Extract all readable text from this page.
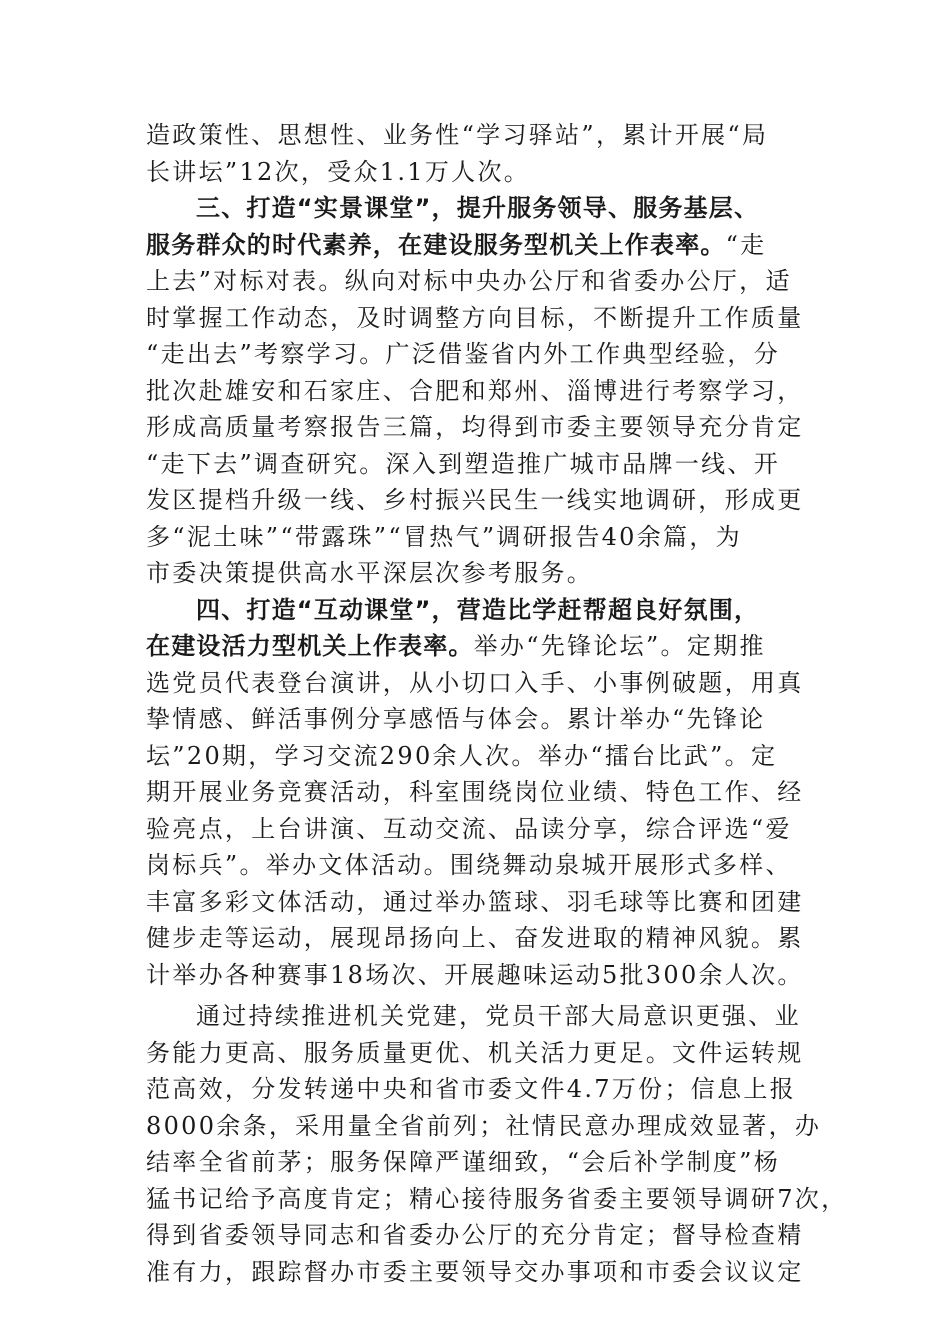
造政策性、思想性、业务性“学习驿站”，累计开展“局
长讲坛”12次，受众1.1万人次。
三、打造“实景课堂”，提升服务领导、服务基层、
服务群众的时代素养，在建设服务型机关上作表率。“走
上去”对标对表。纵向对标中央办公厅和省委办公厅，适
时掌握工作动态，及时调整方向目标，不断提升工作质量
“走出去”考察学习。广泛借鉴省内外工作典型经验，分
批次赴雄安和石家庄、合肥和郑州、淄博进行考察学习，
形成高质量考察报告三篇，均得到市委主要领导充分肯定
“走下去”调查研究。深入到塑造推广城市品牌一线、开
发区提档升级一线、乡村振兴民生一线实地调研，形成更
多“泥土味”“带露珠”“冒热气”调研报告40余篇，为
市委决策提供高水平深层次参考服务。
四、打造“互动课堂”，营造比学赶帮超良好氛围，
在建设活力型机关上作表率。举办“先锋论坛”。定期推
选党员代表登台演讲，从小切口入手、小事例破题，用真
挚情感、鲜活事例分享感悟与体会。累计举办“先锋论
坛”20期，学习交流290余人次。举办“擂台比武”。定
期开展业务竞赛活动，科室围绕岗位业绩、特色工作、经
验亮点，上台讲演、互动交流、品读分享，综合评选“爱
岗标兵”。举办文体活动。围绕舞动泉城开展形式多样、
丰富多彩文体活动，通过举办篮球、羽毛球等比赛和团建
健步走等运动，展现昂扬向上、奋发进取的精神风貌。累
计举办各种赛事18场次、开展趣味运动5批300余人次。
通过持续推进机关党建，党员干部大局意识更强、业
务能力更高、服务质量更优、机关活力更足。文件运转规
范高效，分发转递中央和省市委文件4.7万份；信息上报
8000余条，采用量全省前列；社情民意办理成效显著，办
结率全省前茅；服务保障严谨细致，“会后补学制度”杨
猛书记给予高度肯定；精心接待服务省委主要领导调研7次，
得到省委领导同志和省委办公厅的充分肯定；督导检查精
准有力，跟踪督办市委主要领导交办事项和市委会议议定
